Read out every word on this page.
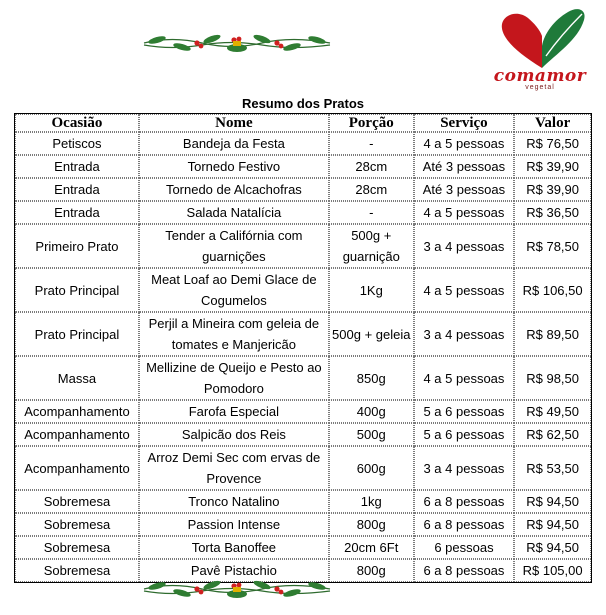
comamor
vegetal
Resumo dos Pratos
Ocasião	Nome	Porção	Serviço	Valor
Petiscos	Bandeja da Festa	-	4 a 5 pessoas	R$ 76,50
Entrada	Tornedo Festivo	28cm	Até 3 pessoas	R$ 39,90
Entrada	Tornedo de Alcachofras	28cm	Até 3 pessoas	R$ 39,90
Entrada	Salada Natalícia	-	4 a 5 pessoas	R$ 36,50
Primeiro Prato	Tender a Califórnia com guarnições	500g + guarnição	3 a 4 pessoas	R$ 78,50
Prato Principal	Meat Loaf ao Demi Glace de Cogumelos	1Kg	4 a 5 pessoas	R$ 106,50
Prato Principal	Perjil a Mineira com geleia de tomates e Manjericão	500g + geleia	3 a 4 pessoas	R$ 89,50
Massa	Mellizine de Queijo e Pesto ao Pomodoro	850g	4 a 5 pessoas	R$ 98,50
Acompanhamento	Farofa Especial	400g	5 a 6 pessoas	R$ 49,50
Acompanhamento	Salpicão dos Reis	500g	5 a 6 pessoas	R$ 62,50
Acompanhamento	Arroz Demi Sec com ervas de Provence	600g	3 a 4 pessoas	R$ 53,50
Sobremesa	Tronco Natalino	1kg	6 a 8 pessoas	R$ 94,50
Sobremesa	Passion Intense	800g	6 a 8 pessoas	R$ 94,50
Sobremesa	Torta Banoffee	20cm 6Ft	6 pessoas	R$ 94,50
Sobremesa	Pavê Pistachio	800g	6 a 8 pessoas	R$ 105,00
